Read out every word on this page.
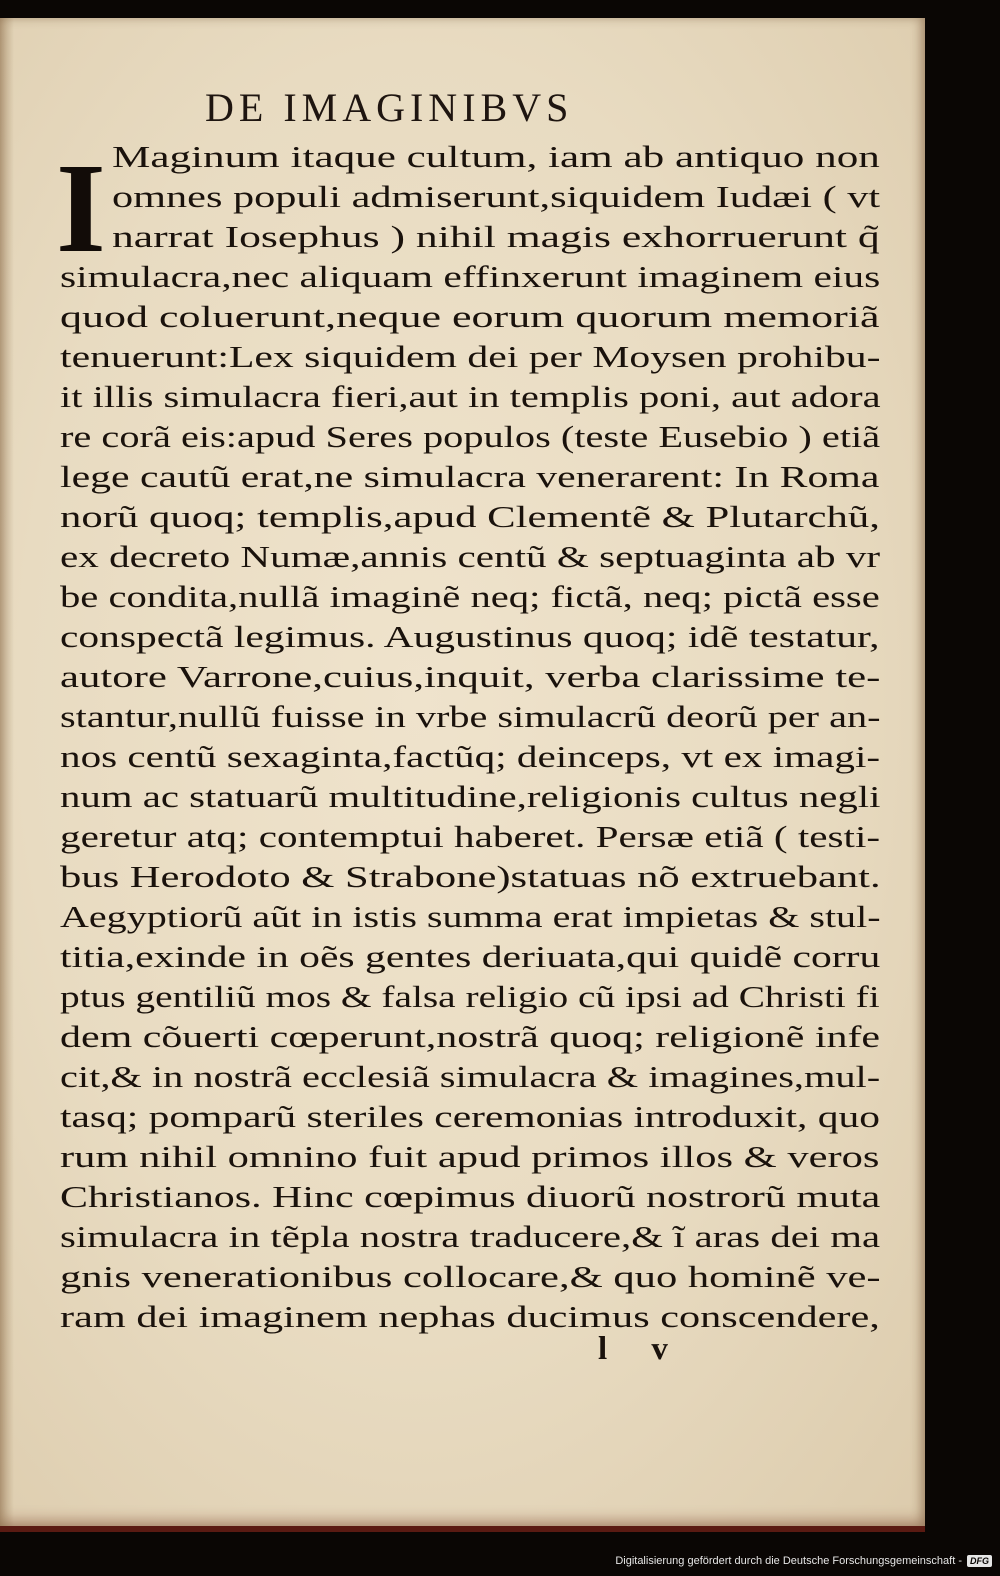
DE IMAGINIBVS
I Maginum itaque cultum, iam ab antiquo non
omnes populi admiserunt,siquidem Iudæi ( vt
narrat Iosephus ) nihil magis exhorruerunt q̃
simulacra,nec aliquam effinxerunt imaginem eius
quod coluerunt,neque eorum quorum memoriã
tenuerunt:Lex siquidem dei per Moysen prohibu-
it illis simulacra fieri,aut in templis poni, aut adora
re corã eis:apud Seres populos (teste Eusebio ) etiã
lege cautũ erat,ne simulacra venerarent: In Roma
norũ quoq; templis,apud Clementẽ & Plutarchũ,
ex decreto Numæ,annis centũ & septuaginta ab vr
be condita,nullã imaginẽ neq; fictã, neq; pictã esse
conspectã legimus. Augustinus quoq; idẽ testatur,
autore Varrone,cuius,inquit, verba clarissime te-
stantur,nullũ fuisse in vrbe simulacrũ deorũ per an-
nos centũ sexaginta,factũq; deinceps, vt ex imagi-
num ac statuarũ multitudine,religionis cultus negli
geretur atq; contemptui haberet. Persæ etiã ( testi-
bus Herodoto & Strabone)statuas nõ extruebant.
Aegyptiorũ aũt in istis summa erat impietas & stul-
titia,exinde in oẽs gentes deriuata,qui quidẽ corru
ptus gentiliũ mos & falsa religio cũ ipsi ad Christi fi
dem cõuerti cœperunt,nostrã quoq; religionẽ infe
cit,& in nostrã ecclesiã simulacra & imagines,mul-
tasq; pomparũ steriles ceremonias introduxit, quo
rum nihil omnino fuit apud primos illos & veros
Christianos. Hinc cœpimus diuorũ nostrorũ muta
simulacra in tẽpla nostra traducere,& ĩ aras dei ma
gnis venerationibus collocare,& quo hominẽ ve-
ram dei imaginem nephas ducimus conscendere,
l v
Digitalisierung gefördert durch die Deutsche Forschungsgemeinschaft - DFG
